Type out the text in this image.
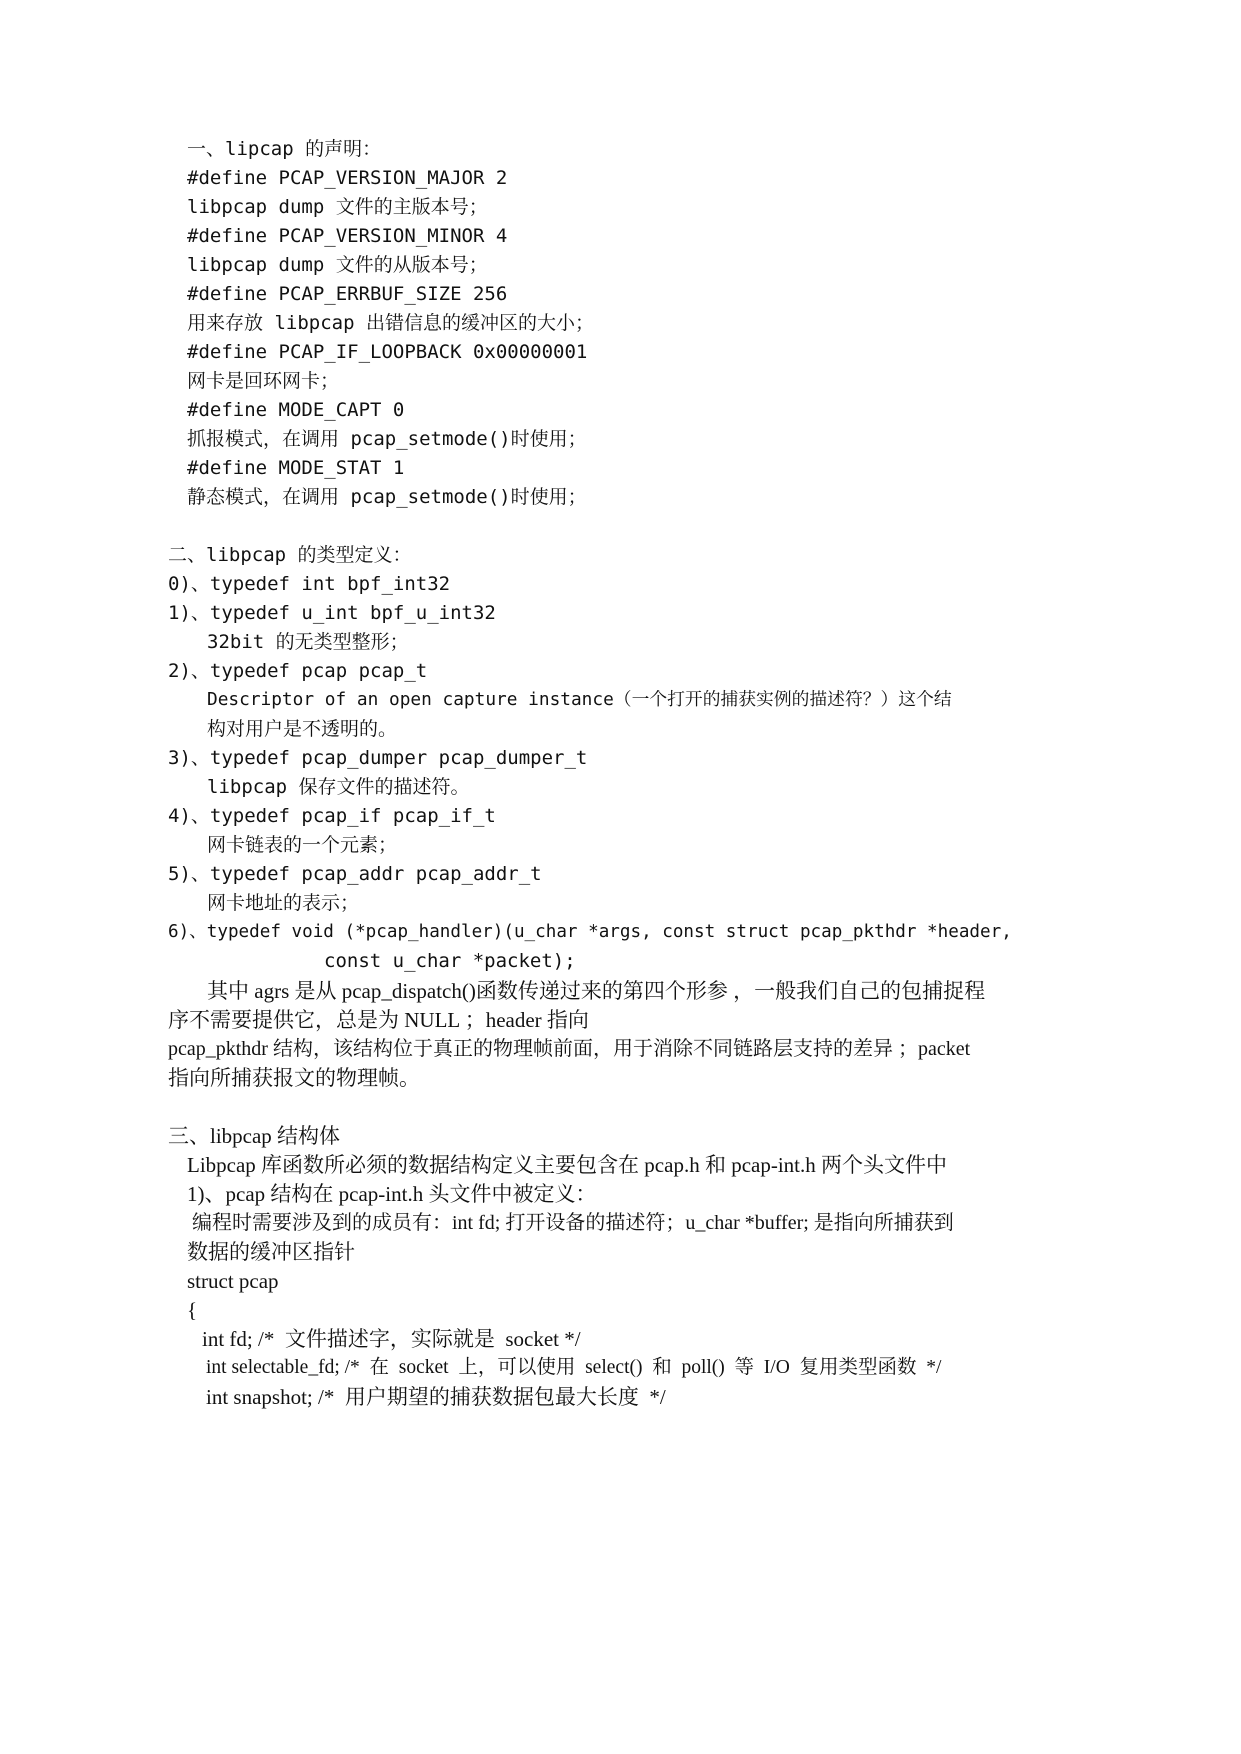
一、lipcap 的声明：
#define PCAP_VERSION_MAJOR 2
libpcap dump 文件的主版本号；
#define PCAP_VERSION_MINOR 4
libpcap dump 文件的从版本号；
#define PCAP_ERRBUF_SIZE 256
用来存放 libpcap 出错信息的缓冲区的大小；
#define PCAP_IF_LOOPBACK 0x00000001
网卡是回环网卡；
#define MODE_CAPT 0
抓报模式，在调用 pcap_setmode()时使用；
#define MODE_STAT 1
静态模式，在调用 pcap_setmode()时使用；
二、libpcap 的类型定义：
0)、typedef int bpf_int32
1)、typedef u_int bpf_u_int32
32bit 的无类型整形；
2)、typedef pcap pcap_t
Descriptor of an open capture instance（一个打开的捕获实例的描述符？）这个结
构对用户是不透明的。
3)、typedef pcap_dumper pcap_dumper_t
libpcap 保存文件的描述符。
4)、typedef pcap_if pcap_if_t
网卡链表的一个元素；
5)、typedef pcap_addr pcap_addr_t
网卡地址的表示；
6)、typedef void (*pcap_handler)(u_char *args, const struct pcap_pkthdr *header,
const u_char *packet);
其中 agrs 是从 pcap_dispatch()函数传递过来的第四个形参 ，一般我们自己的包捕捉程
序不需要提供它，总是为 NULL ；header 指向
pcap_pkthdr 结构，该结构位于真正的物理帧前面，用于消除不同链路层支持的差异 ；packet
指向所捕获报文的物理帧。
三、libpcap 结构体
Libpcap 库函数所必须的数据结构定义主要包含在 pcap.h 和 pcap-int.h 两个头文件中
1)、pcap 结构在 pcap-int.h 头文件中被定义：
编程时需要涉及到的成员有：int fd; 打开设备的描述符；u_char *buffer; 是指向所捕获到
数据的缓冲区指针
struct pcap
{
int fd; /*  文件描述字，实际就是  socket */
int selectable_fd; /*  在  socket  上，可以使用  select()  和  poll()  等  I/O  复用类型函数  */
int snapshot; /*  用户期望的捕获数据包最大长度  */
